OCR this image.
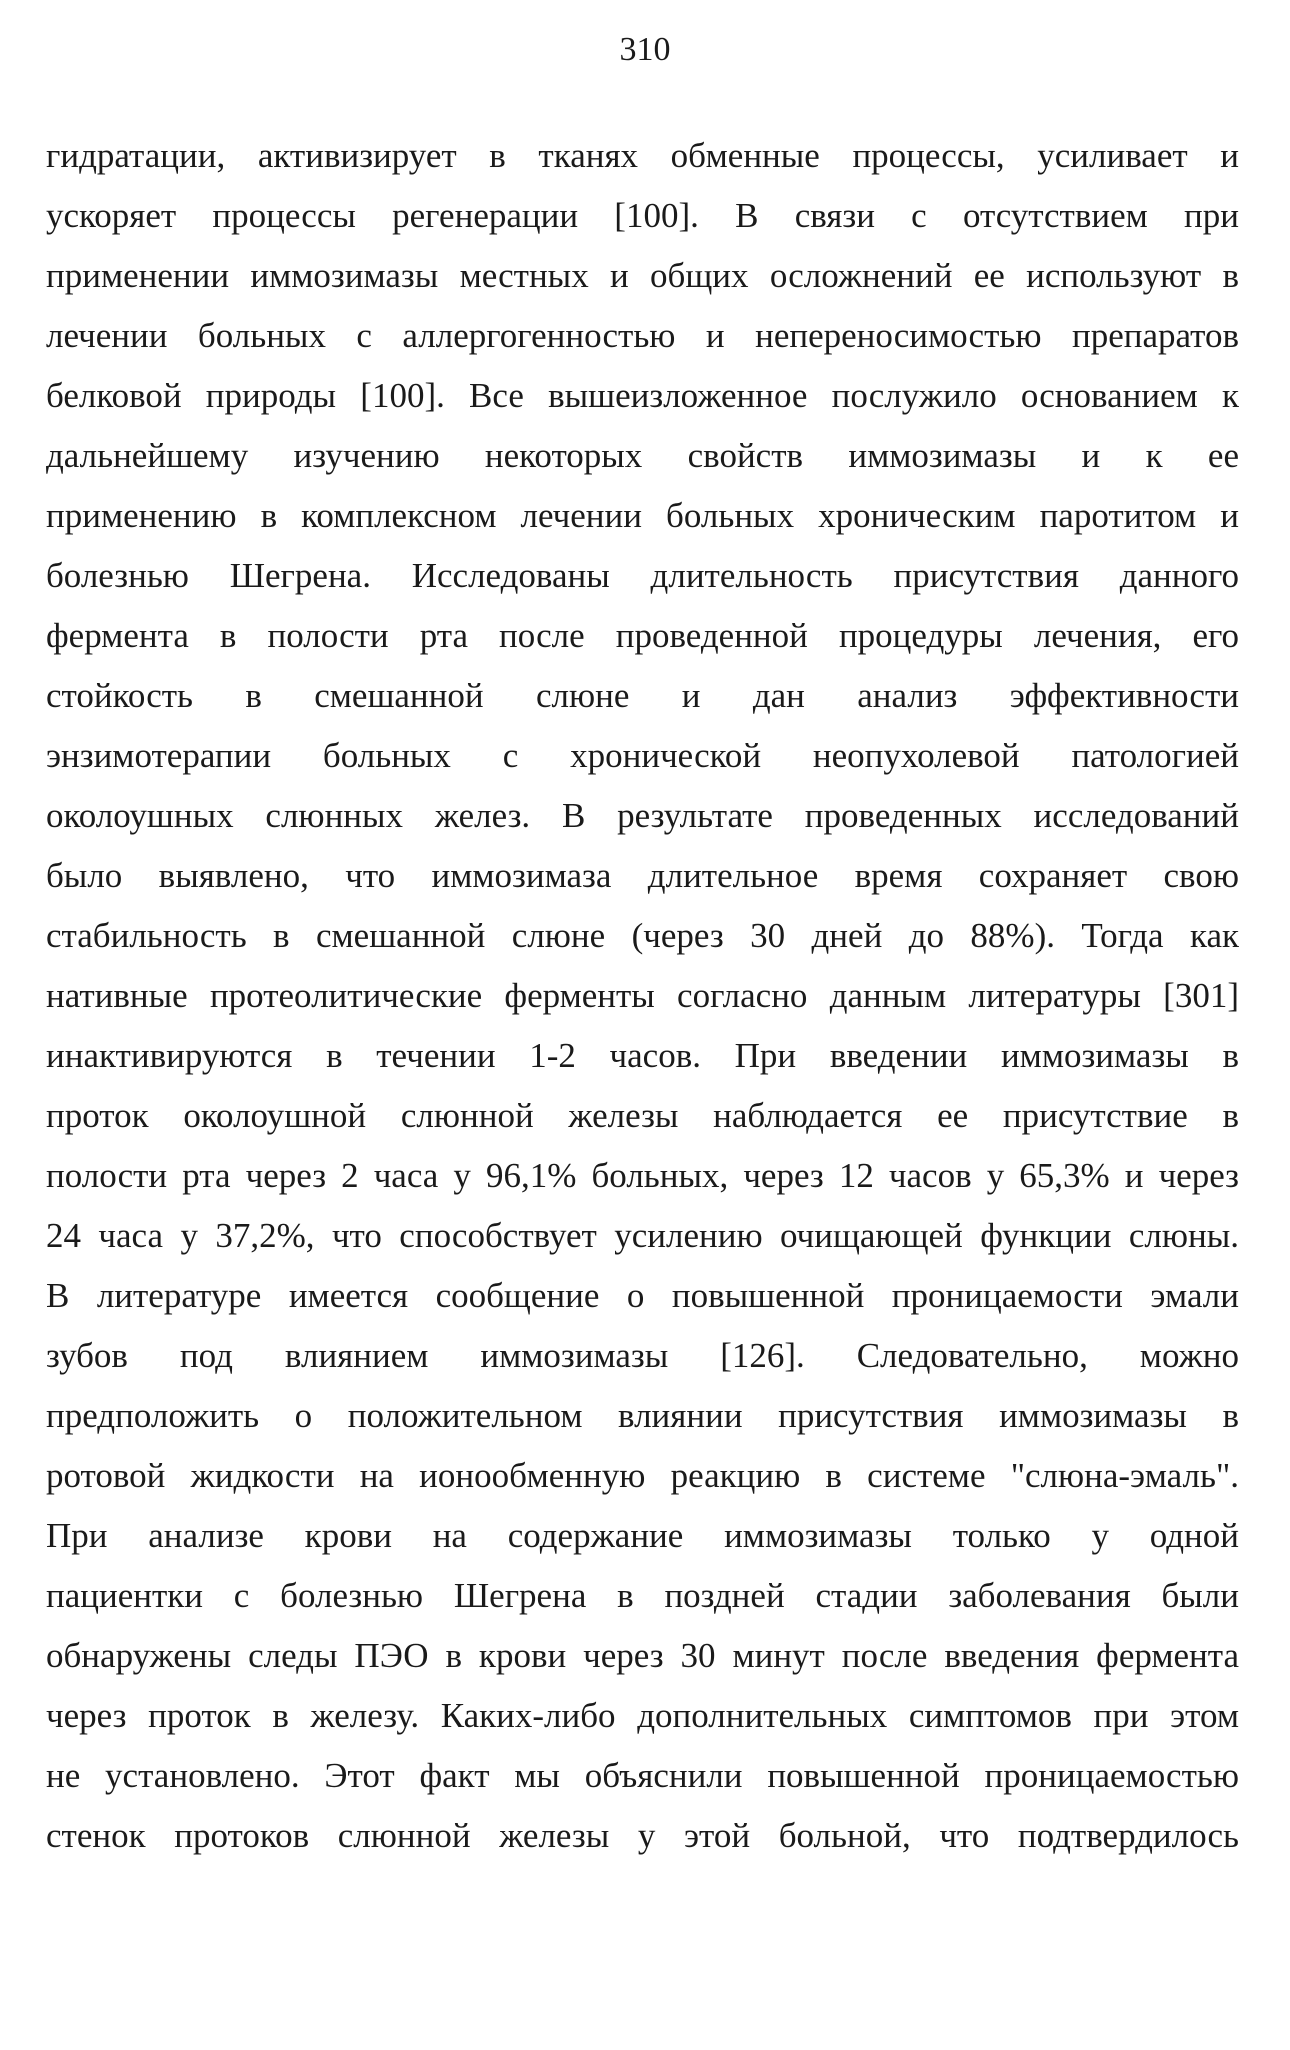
310
гидратации, активизирует в тканях обменные процессы, усиливает и
ускоряет процессы регенерации [100]. В связи с отсутствием при
применении иммозимазы местных и общих осложнений ее используют в
лечении больных с аллергогенностью и непереносимостью препаратов
белковой природы [100]. Все вышеизложенное послужило основанием к
дальнейшему изучению некоторых свойств иммозимазы и к ее
применению в комплексном лечении больных хроническим паротитом и
болезнью Шегрена. Исследованы длительность присутствия данного
фермента в полости рта после проведенной процедуры лечения, его
стойкость в смешанной слюне и дан анализ эффективности
энзимотерапии больных с хронической неопухолевой патологией
околоушных слюнных желез. В результате проведенных исследований
было выявлено, что иммозимаза длительное время сохраняет свою
стабильность в смешанной слюне (через 30 дней до 88%). Тогда как
нативные протеолитические ферменты согласно данным литературы [301]
инактивируются в течении 1-2 часов. При введении иммозимазы в
проток околоушной слюнной железы наблюдается ее присутствие в
полости рта через 2 часа у 96,1% больных, через 12 часов у 65,3% и через
24 часа у 37,2%, что способствует усилению очищающей функции слюны.
В литературе имеется сообщение о повышенной проницаемости эмали
зубов под влиянием иммозимазы [126]. Следовательно, можно
предположить о положительном влиянии присутствия иммозимазы в
ротовой жидкости на ионообменную реакцию в системе "слюна-эмаль".
При анализе крови на содержание иммозимазы только у одной
пациентки с болезнью Шегрена в поздней стадии заболевания были
обнаружены следы ПЭО в крови через 30 минут после введения фермента
через проток в железу. Каких-либо дополнительных симптомов при этом
не установлено. Этот факт мы объяснили повышенной проницаемостью
стенок протоков слюнной железы у этой больной, что подтвердилось
